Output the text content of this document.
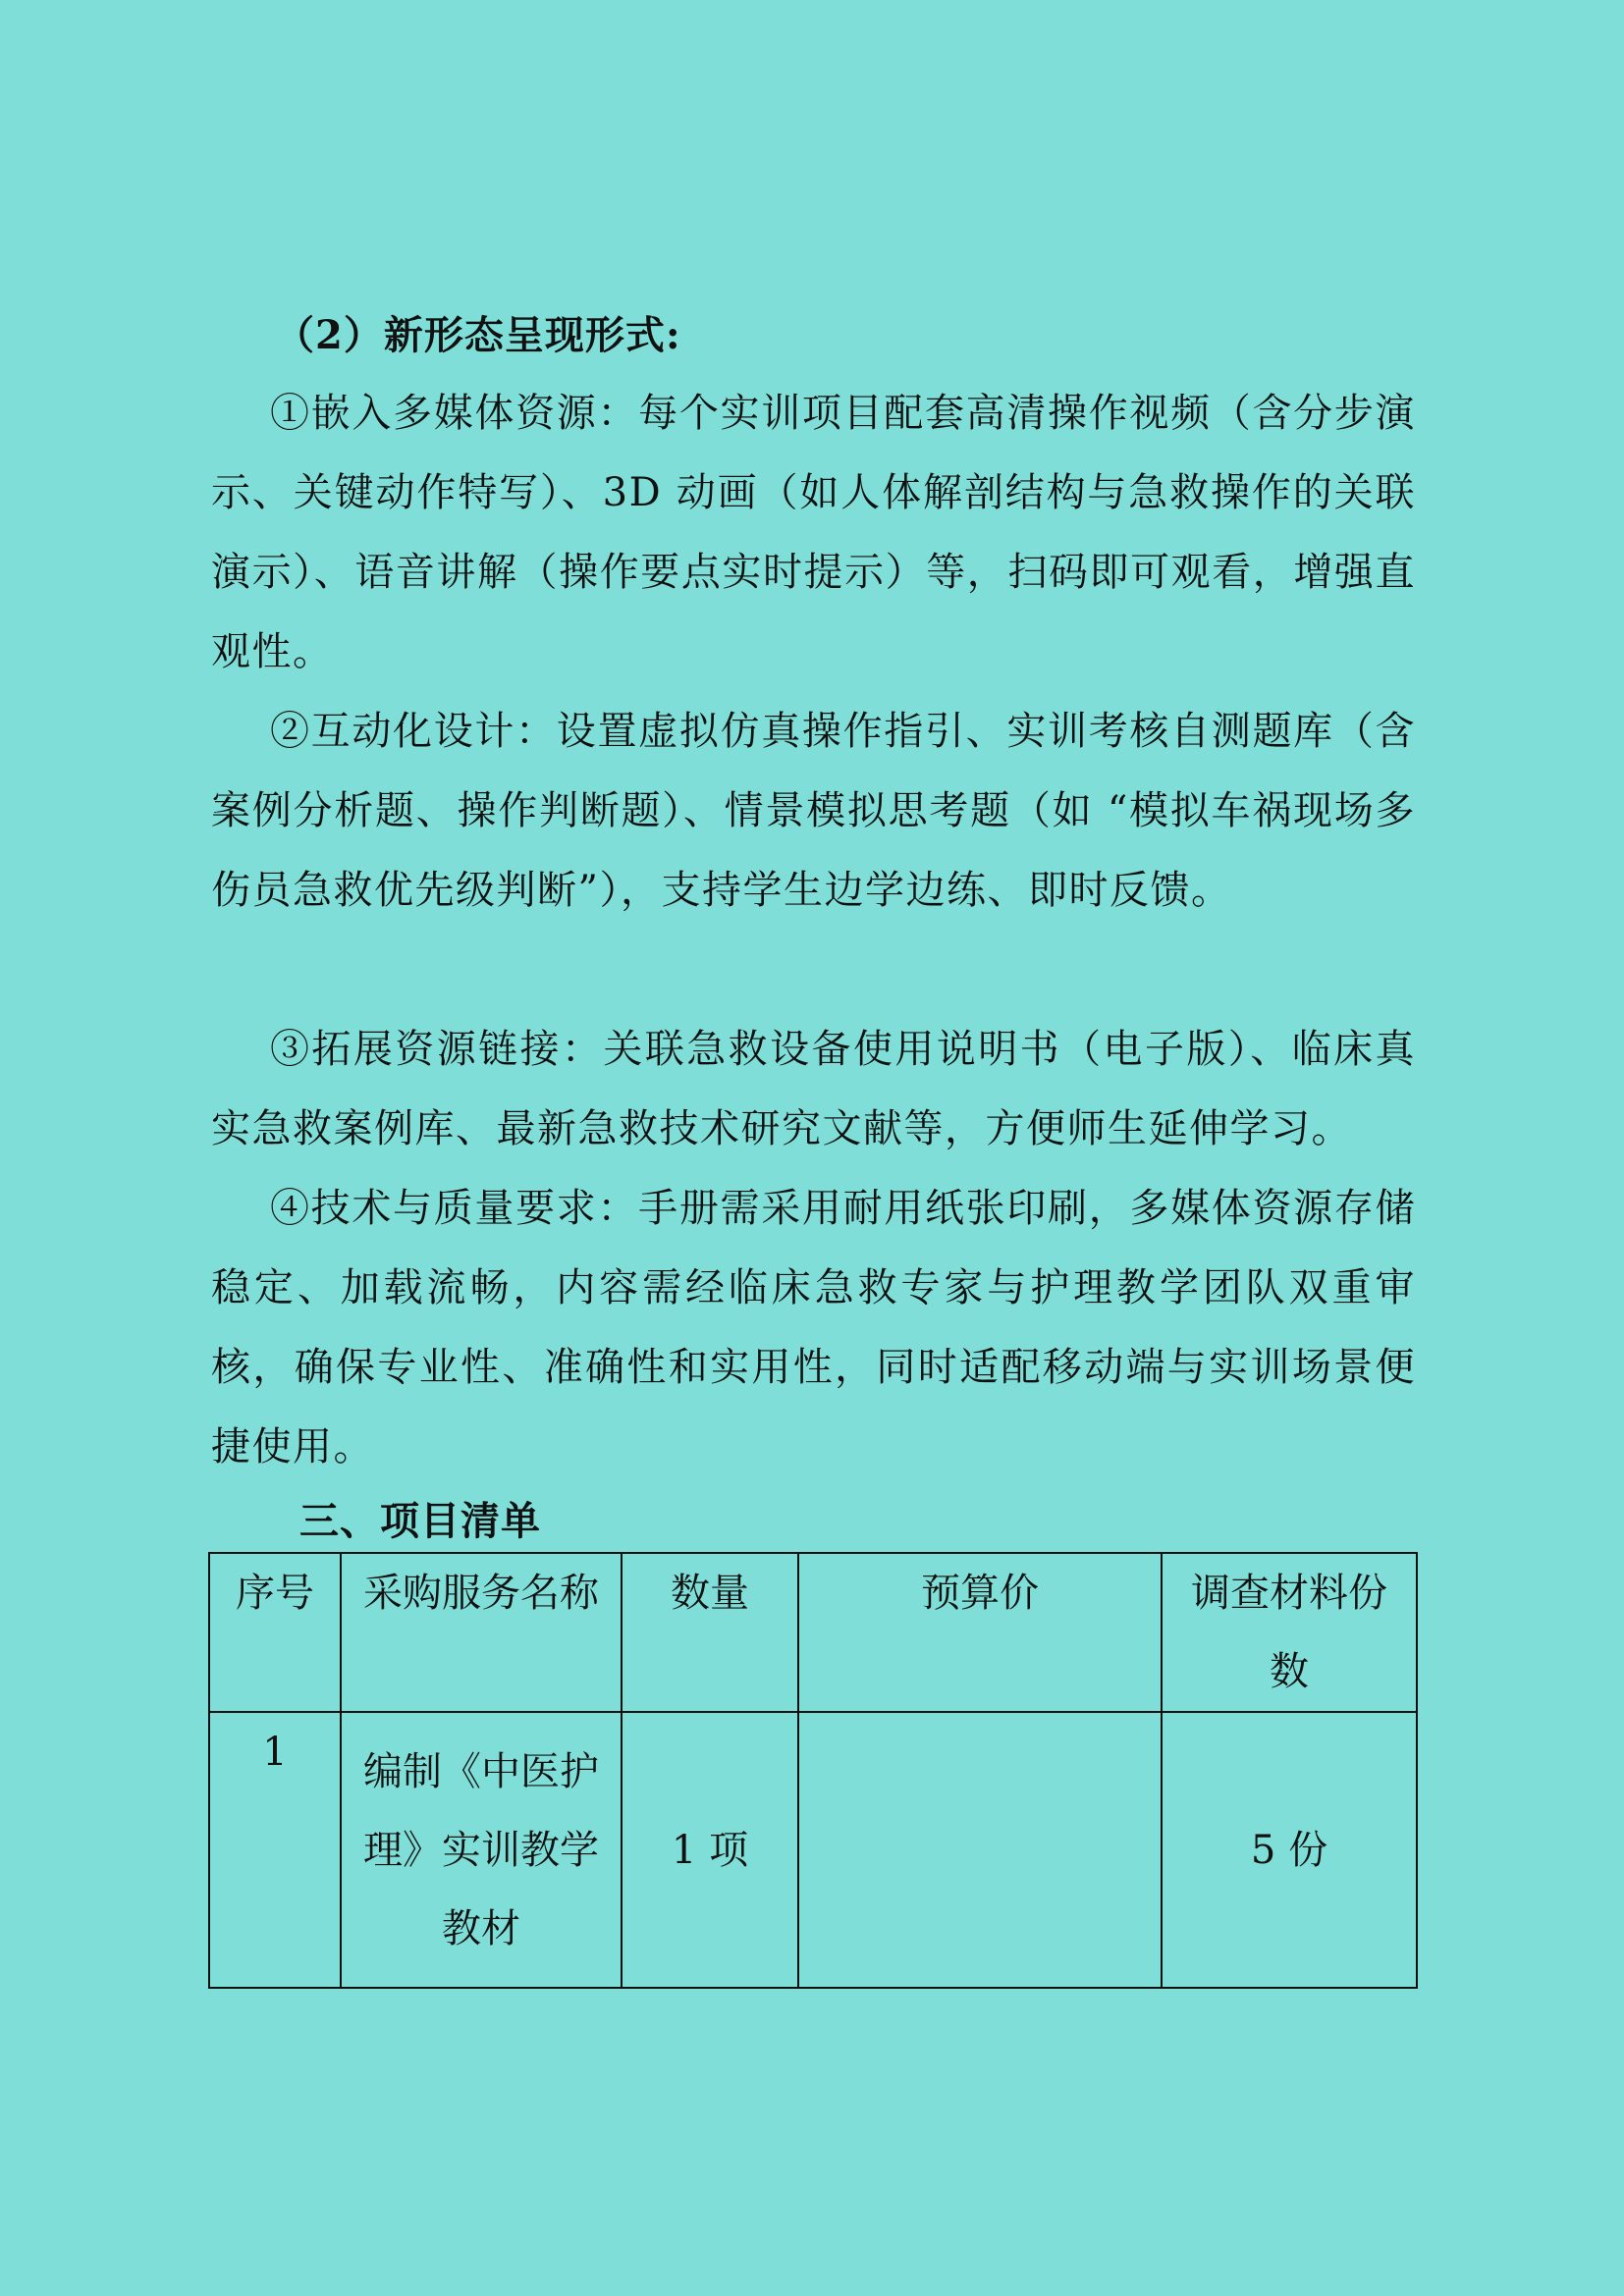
（2）新形态呈现形式:
①嵌入多媒体资源：每个实训项目配套高清操作视频（含分步演示、关键动作特写）、3D 动画（如人体解剖结构与急救操作的关联演示）、语音讲解（操作要点实时提示）等，扫码即可观看，增强直观性。
②互动化设计：设置虚拟仿真操作指引、实训考核自测题库（含案例分析题、操作判断题）、情景模拟思考题（如 “模拟车祸现场多伤员急救优先级判断”），支持学生边学边练、即时反馈。
③拓展资源链接：关联急救设备使用说明书（电子版）、临床真实急救案例库、最新急救技术研究文献等，方便师生延伸学习。
④技术与质量要求：手册需采用耐用纸张印刷，多媒体资源存储稳定、加载流畅，内容需经临床急救专家与护理教学团队双重审核，确保专业性、准确性和实用性，同时适配移动端与实训场景便捷使用。
三、项目清单
序号	采购服务名称	数量	预算价	调查材料份数
1	编制《中医护理》实训教学教材	1 项		5 份
